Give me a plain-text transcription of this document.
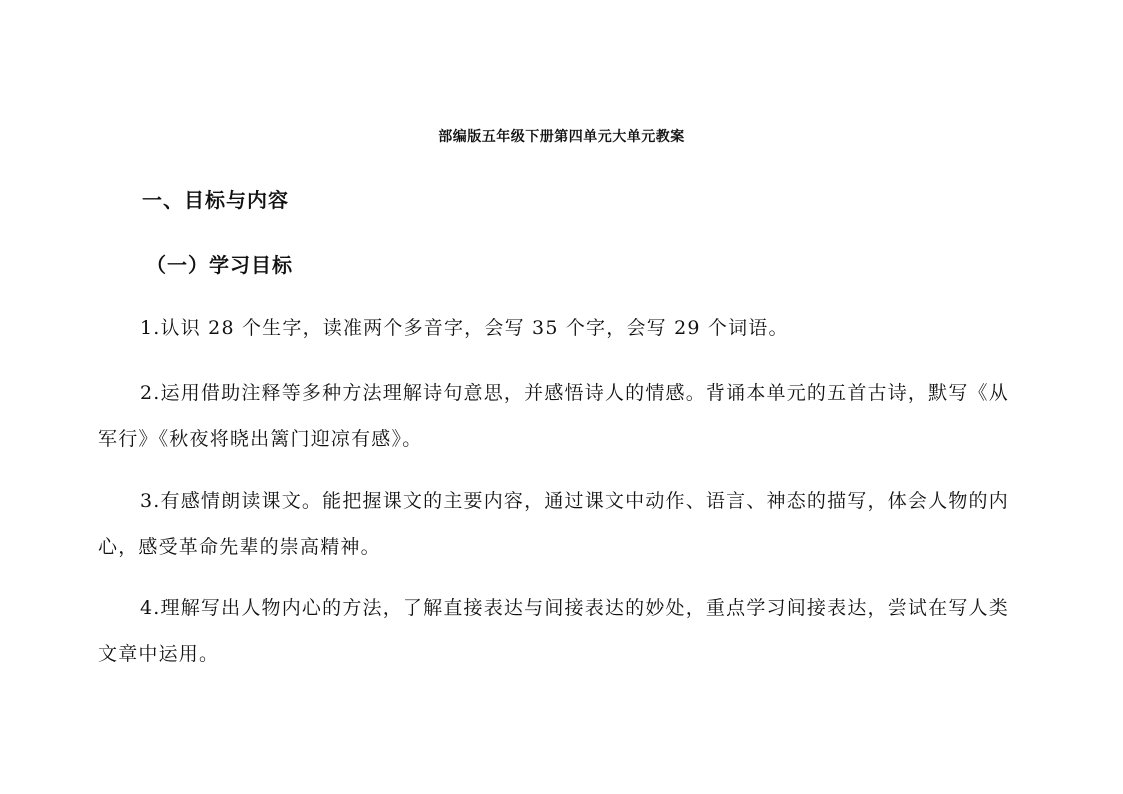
部编版五年级下册第四单元大单元教案
一、目标与内容
（一）学习目标

1.认识 28 个生字，读准两个多音字，会写 35 个字，会写 29 个词语。

2.运用借助注释等多种方法理解诗句意思，并感悟诗人的情感。背诵本单元的五首古诗，默写《从军行》《秋夜将晓出篱门迎凉有感》。

3.有感情朗读课文。能把握课文的主要内容，通过课文中动作、语言、神态的描写，体会人物的内心，感受革命先辈的崇高精神。

4.理解写出人物内心的方法，了解直接表达与间接表达的妙处，重点学习间接表达，尝试在写人类文章中运用。
